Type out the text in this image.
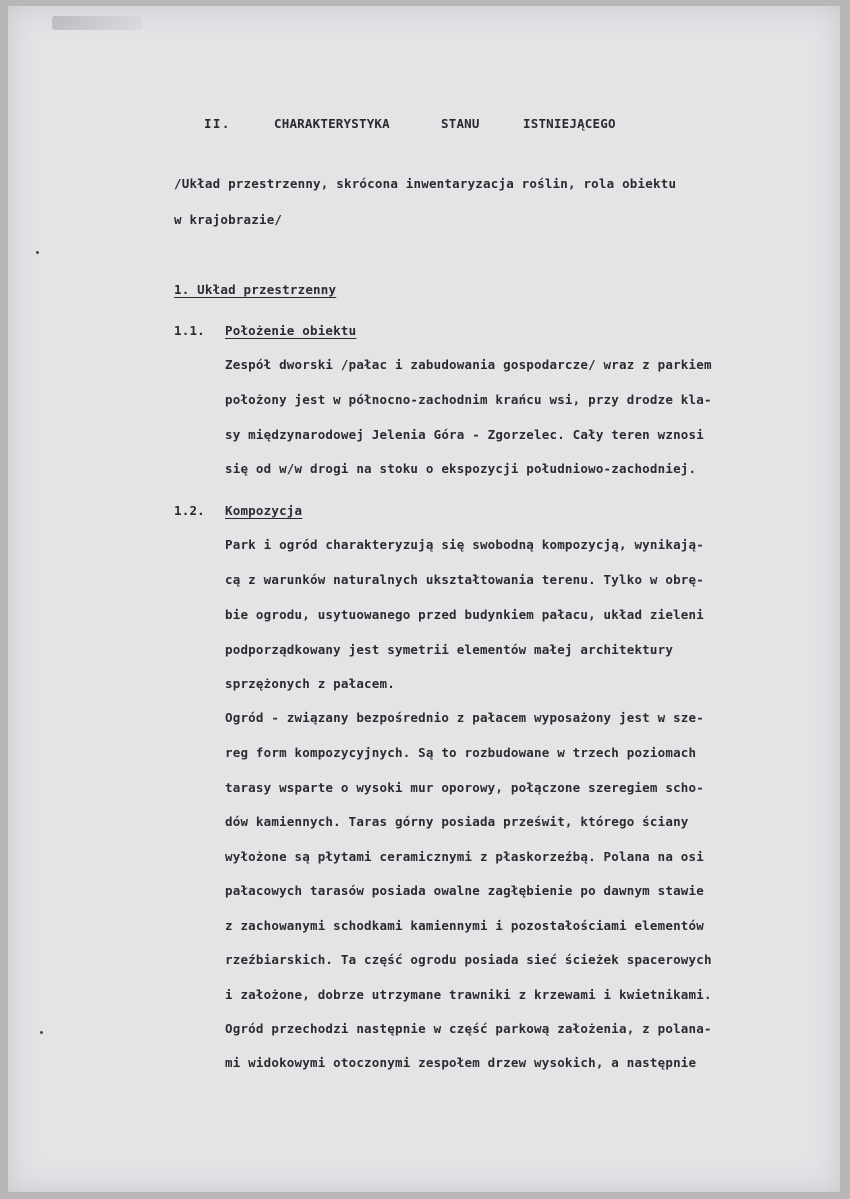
II.	CHARAKTERYSTYKA	STANU	ISTNIEJĄCEGO

/Układ przestrzenny, skrócona inwentaryzacja roślin, rola obiektu

w krajobrazie/

1. Układ przestrzenny

1.1. Położenie obiektu

Zespół dworski /pałac i zabudowania gospodarcze/ wraz z parkiem

położony jest w północno-zachodnim krańcu wsi, przy drodze kla-

sy międzynarodowej Jelenia Góra - Zgorzelec. Cały teren wznosi

się od w/w drogi na stoku o ekspozycji południowo-zachodniej.

1.2. Kompozycja

Park i ogród charakteryzują się swobodną kompozycją, wynikają-

cą z warunków naturalnych ukształtowania terenu. Tylko w obrę-

bie ogrodu, usytuowanego przed budynkiem pałacu, układ zieleni

podporządkowany jest symetrii elementów małej architektury

sprzężonych z pałacem.

Ogród - związany bezpośrednio z pałacem wyposażony jest w sze-

reg form kompozycyjnych. Są to rozbudowane w trzech poziomach

tarasy wsparte o wysoki mur oporowy, połączone szeregiem scho-

dów kamiennych. Taras górny posiada prześwit, którego ściany

wyłożone są płytami ceramicznymi z płaskorzeźbą. Polana na osi

pałacowych tarasów posiada owalne zagłębienie po dawnym stawie

z zachowanymi schodkami kamiennymi i pozostałościami elementów

rzeźbiarskich. Ta część ogrodu posiada sieć ścieżek spacerowych

i założone, dobrze utrzymane trawniki z krzewami i kwietnikami.

Ogród przechodzi następnie w część parkową założenia, z polana-

mi widokowymi otoczonymi zespołem drzew wysokich, a następnie
